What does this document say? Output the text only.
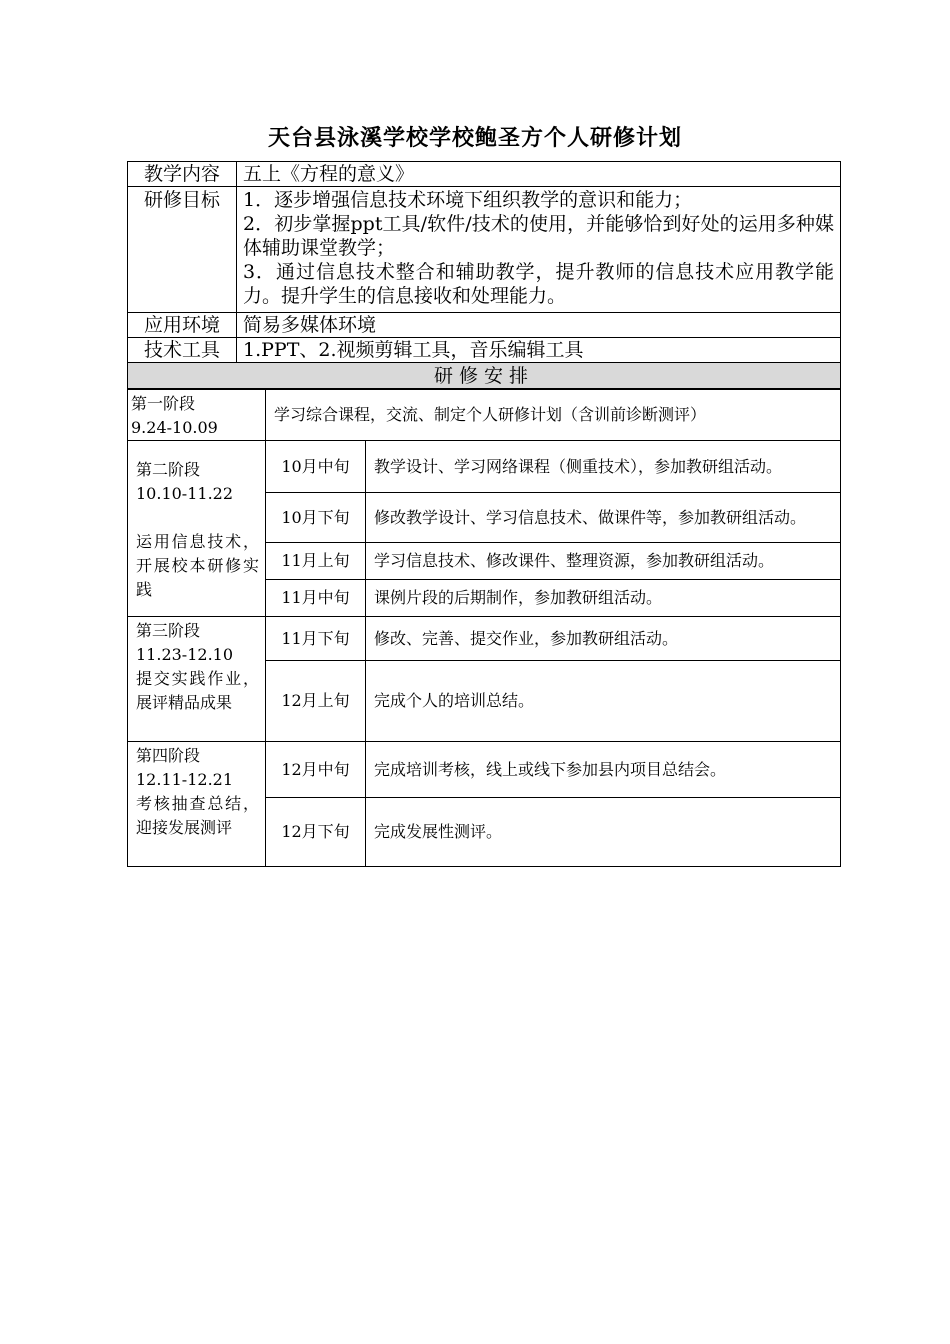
天台县泳溪学校学校鲍圣方个人研修计划
教学内容	五上《方程的意义》
研修目标	1．逐步增强信息技术环境下组织教学的意识和能力；
2．初步掌握ppt工具/软件/技术的使用，并能够恰到好处的运用多种媒体辅助课堂教学；
3．通过信息技术整合和辅助教学，提升教师的信息技术应用教学能力。提升学生的信息接收和处理能力。

应用环境	简易多媒体环境
技术工具	1.PPT、2.视频剪辑工具，音乐编辑工具
研修安排	
第一阶段
9.24-10.09	学习综合课程，交流、制定个人研修计划（含训前诊断测评）	

第二阶段
10.10-11.22
运用信息技术，开展校本研修实践	10月中旬	教学设计、学习网络课程（侧重技术），参加教研组活动。
	10月下旬	修改教学设计、学习信息技术、做课件等，参加教研组活动。
	11月上旬	学习信息技术、修改课件、整理资源，参加教研组活动。
	11月中旬	课例片段的后期制作，参加教研组活动。

第三阶段
11.23-12.10
提交实践作业，展评精品成果	11月下旬	修改、完善、提交作业，参加教研组活动。
	12月上旬	完成个人的培训总结。

第四阶段
12.11-12.21
考核抽查总结，迎接发展测评	12月中旬	完成培训考核，线上或线下参加县内项目总结会。
	12月下旬	完成发展性测评。
